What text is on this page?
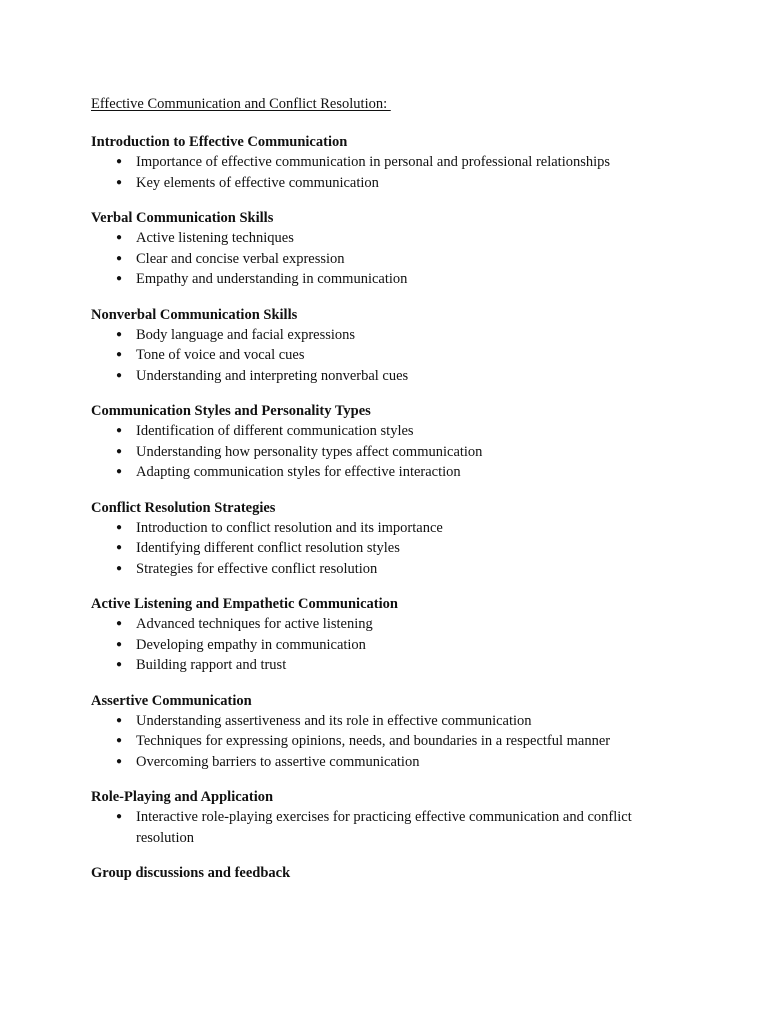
Effective Communication and Conflict Resolution:
Introduction to Effective Communication
● Importance of effective communication in personal and professional relationships
● Key elements of effective communication
Verbal Communication Skills
● Active listening techniques
● Clear and concise verbal expression
● Empathy and understanding in communication
Nonverbal Communication Skills
● Body language and facial expressions
● Tone of voice and vocal cues
● Understanding and interpreting nonverbal cues
Communication Styles and Personality Types
● Identification of different communication styles
● Understanding how personality types affect communication
● Adapting communication styles for effective interaction
Conflict Resolution Strategies
● Introduction to conflict resolution and its importance
● Identifying different conflict resolution styles
● Strategies for effective conflict resolution
Active Listening and Empathetic Communication
● Advanced techniques for active listening
● Developing empathy in communication
● Building rapport and trust
Assertive Communication
● Understanding assertiveness and its role in effective communication
● Techniques for expressing opinions, needs, and boundaries in a respectful manner
● Overcoming barriers to assertive communication
Role-Playing and Application
● Interactive role-playing exercises for practicing effective communication and conflict resolution
Group discussions and feedback
